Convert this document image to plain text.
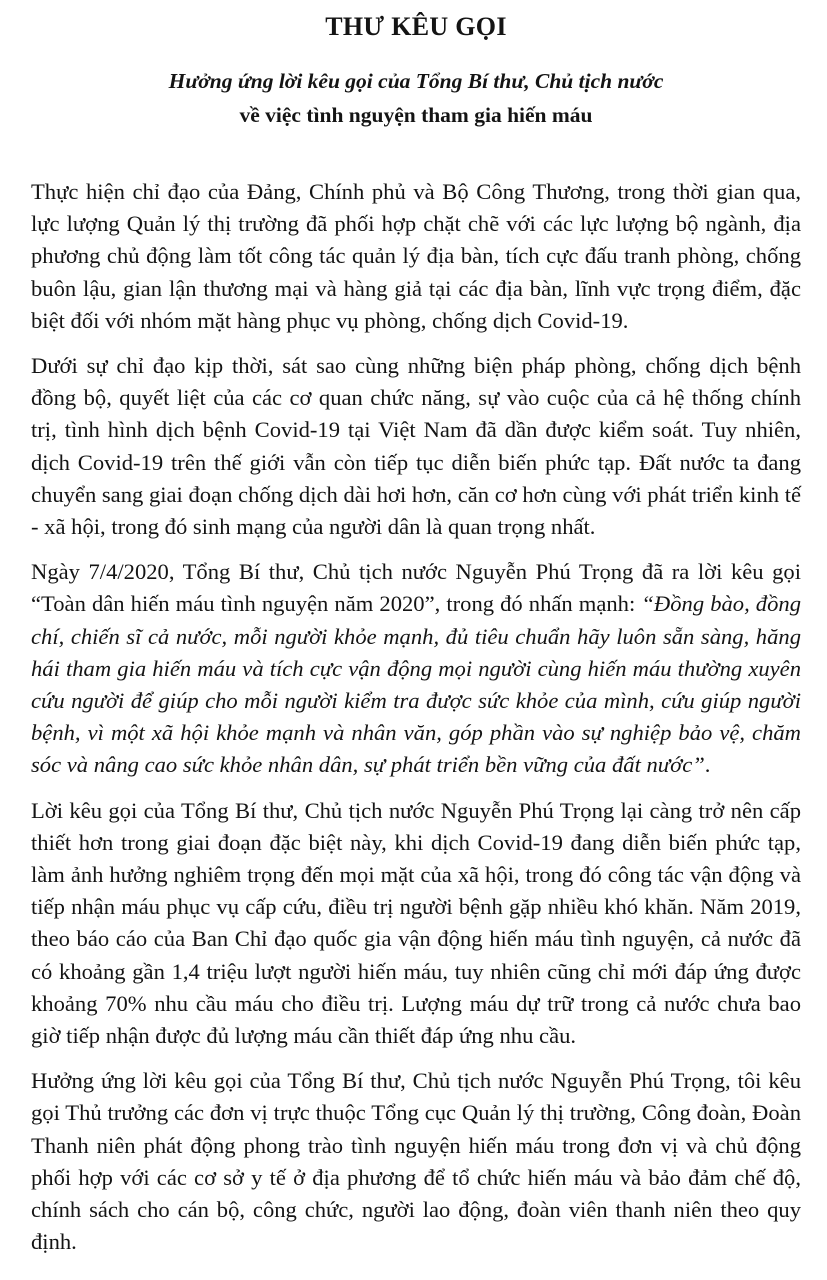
THƯ KÊU GỌI

Hưởng ứng lời kêu gọi của Tổng Bí thư, Chủ tịch nước

về việc tình nguyện tham gia hiến máu

Thực hiện chỉ đạo của Đảng, Chính phủ và Bộ Công Thương, trong thời gian qua, lực lượng Quản lý thị trường đã phối hợp chặt chẽ với các lực lượng bộ ngành, địa phương chủ động làm tốt công tác quản lý địa bàn, tích cực đấu tranh phòng, chống buôn lậu, gian lận thương mại và hàng giả tại các địa bàn, lĩnh vực trọng điểm, đặc biệt đối với nhóm mặt hàng phục vụ phòng, chống dịch Covid-19.

Dưới sự chỉ đạo kịp thời, sát sao cùng những biện pháp phòng, chống dịch bệnh đồng bộ, quyết liệt của các cơ quan chức năng, sự vào cuộc của cả hệ thống chính trị, tình hình dịch bệnh Covid-19 tại Việt Nam đã dần được kiểm soát. Tuy nhiên, dịch Covid-19 trên thế giới vẫn còn tiếp tục diễn biến phức tạp. Đất nước ta đang chuyển sang giai đoạn chống dịch dài hơi hơn, căn cơ hơn cùng với phát triển kinh tế - xã hội, trong đó sinh mạng của người dân là quan trọng nhất.

Ngày 7/4/2020, Tổng Bí thư, Chủ tịch nước Nguyễn Phú Trọng đã ra lời kêu gọi “Toàn dân hiến máu tình nguyện năm 2020”, trong đó nhấn mạnh: “Đồng bào, đồng chí, chiến sĩ cả nước, mỗi người khỏe mạnh, đủ tiêu chuẩn hãy luôn sẵn sàng, hăng hái tham gia hiến máu và tích cực vận động mọi người cùng hiến máu thường xuyên cứu người để giúp cho mỗi người kiểm tra được sức khỏe của mình, cứu giúp người bệnh, vì một xã hội khỏe mạnh và nhân văn, góp phần vào sự nghiệp bảo vệ, chăm sóc và nâng cao sức khỏe nhân dân, sự phát triển bền vững của đất nước”.

Lời kêu gọi của Tổng Bí thư, Chủ tịch nước Nguyễn Phú Trọng lại càng trở nên cấp thiết hơn trong giai đoạn đặc biệt này, khi dịch Covid-19 đang diễn biến phức tạp, làm ảnh hưởng nghiêm trọng đến mọi mặt của xã hội, trong đó công tác vận động và tiếp nhận máu phục vụ cấp cứu, điều trị người bệnh gặp nhiều khó khăn. Năm 2019, theo báo cáo của Ban Chỉ đạo quốc gia vận động hiến máu tình nguyện, cả nước đã có khoảng gần 1,4 triệu lượt người hiến máu, tuy nhiên cũng chỉ mới đáp ứng được khoảng 70% nhu cầu máu cho điều trị. Lượng máu dự trữ trong cả nước chưa bao giờ tiếp nhận được đủ lượng máu cần thiết đáp ứng nhu cầu.

Hưởng ứng lời kêu gọi của Tổng Bí thư, Chủ tịch nước Nguyễn Phú Trọng, tôi kêu gọi Thủ trưởng các đơn vị trực thuộc Tổng cục Quản lý thị trường, Công đoàn, Đoàn Thanh niên phát động phong trào tình nguyện hiến máu trong đơn vị và chủ động phối hợp với các cơ sở y tế ở địa phương để tổ chức hiến máu và bảo đảm chế độ, chính sách cho cán bộ, công chức, người lao động, đoàn viên thanh niên theo quy định.
